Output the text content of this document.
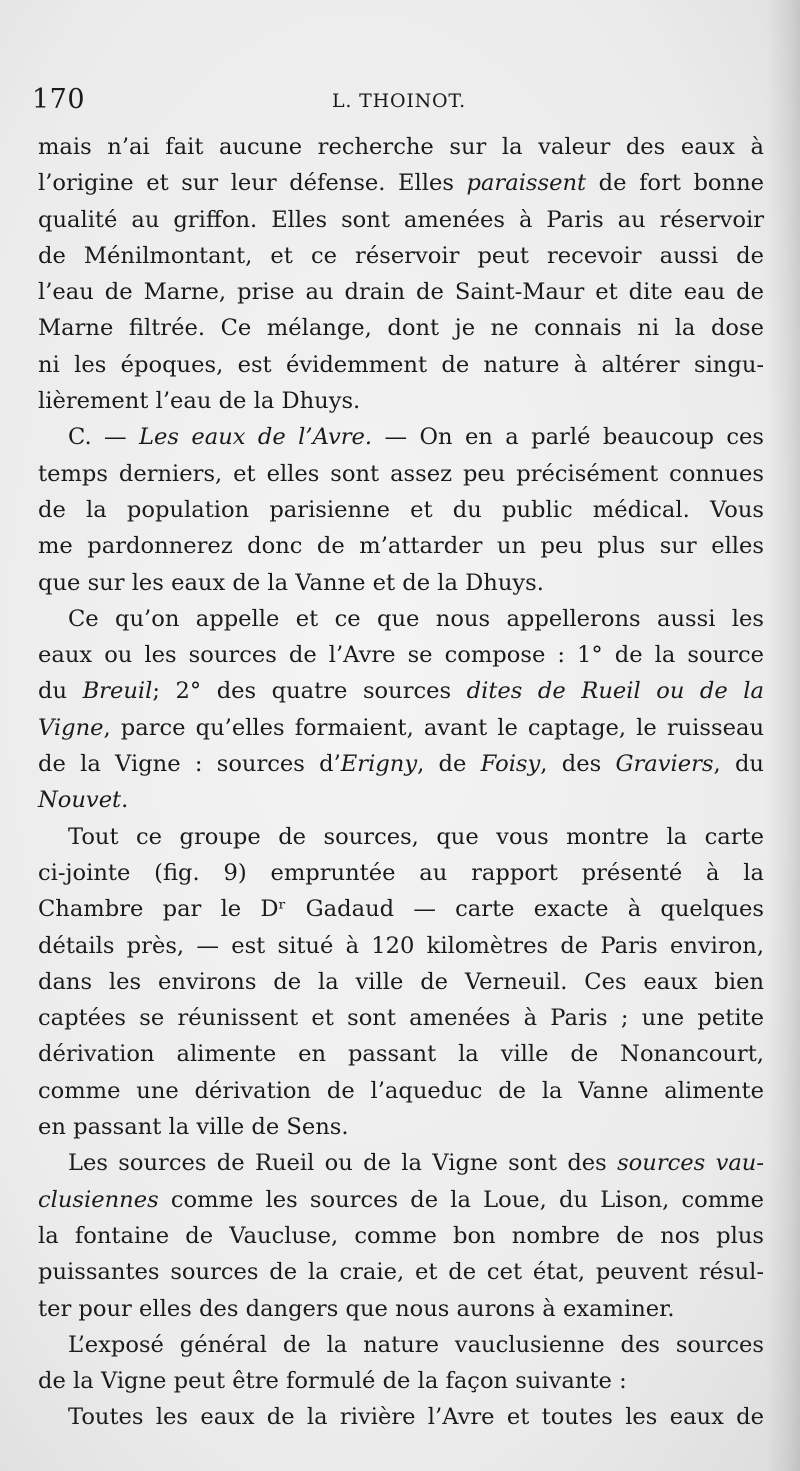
170	L. THOINOT.
mais n’ai fait aucune recherche sur la valeur des eaux à
l’origine et sur leur défense. Elles paraissent de fort bonne
qualité au griffon. Elles sont amenées à Paris au réservoir
de Ménilmontant, et ce réservoir peut recevoir aussi de
l’eau de Marne, prise au drain de Saint-Maur et dite eau de
Marne filtrée. Ce mélange, dont je ne connais ni la dose
ni les époques, est évidemment de nature à altérer singu-
lièrement l’eau de la Dhuys.
C. — Les eaux de l’Avre. — On en a parlé beaucoup ces
temps derniers, et elles sont assez peu précisément connues
de la population parisienne et du public médical. Vous
me pardonnerez donc de m’attarder un peu plus sur elles
que sur les eaux de la Vanne et de la Dhuys.
Ce qu’on appelle et ce que nous appellerons aussi les
eaux ou les sources de l’Avre se compose : 1° de la source
du Breuil; 2° des quatre sources dites de Rueil ou de la
Vigne, parce qu’elles formaient, avant le captage, le ruisseau
de la Vigne : sources d’Erigny, de Foisy, des Graviers, du
Nouvet.
Tout ce groupe de sources, que vous montre la carte
ci-jointe (fig. 9) empruntée au rapport présenté à la
Chambre par le Dʳ Gadaud — carte exacte à quelques
détails près, — est situé à 120 kilomètres de Paris environ,
dans les environs de la ville de Verneuil. Ces eaux bien
captées se réunissent et sont amenées à Paris ; une petite
dérivation alimente en passant la ville de Nonancourt,
comme une dérivation de l’aqueduc de la Vanne alimente
en passant la ville de Sens.
Les sources de Rueil ou de la Vigne sont des sources vau-
clusiennes comme les sources de la Loue, du Lison, comme
la fontaine de Vaucluse, comme bon nombre de nos plus
puissantes sources de la craie, et de cet état, peuvent résul-
ter pour elles des dangers que nous aurons à examiner.
L’exposé général de la nature vauclusienne des sources
de la Vigne peut être formulé de la façon suivante :
Toutes les eaux de la rivière l’Avre et toutes les eaux de
